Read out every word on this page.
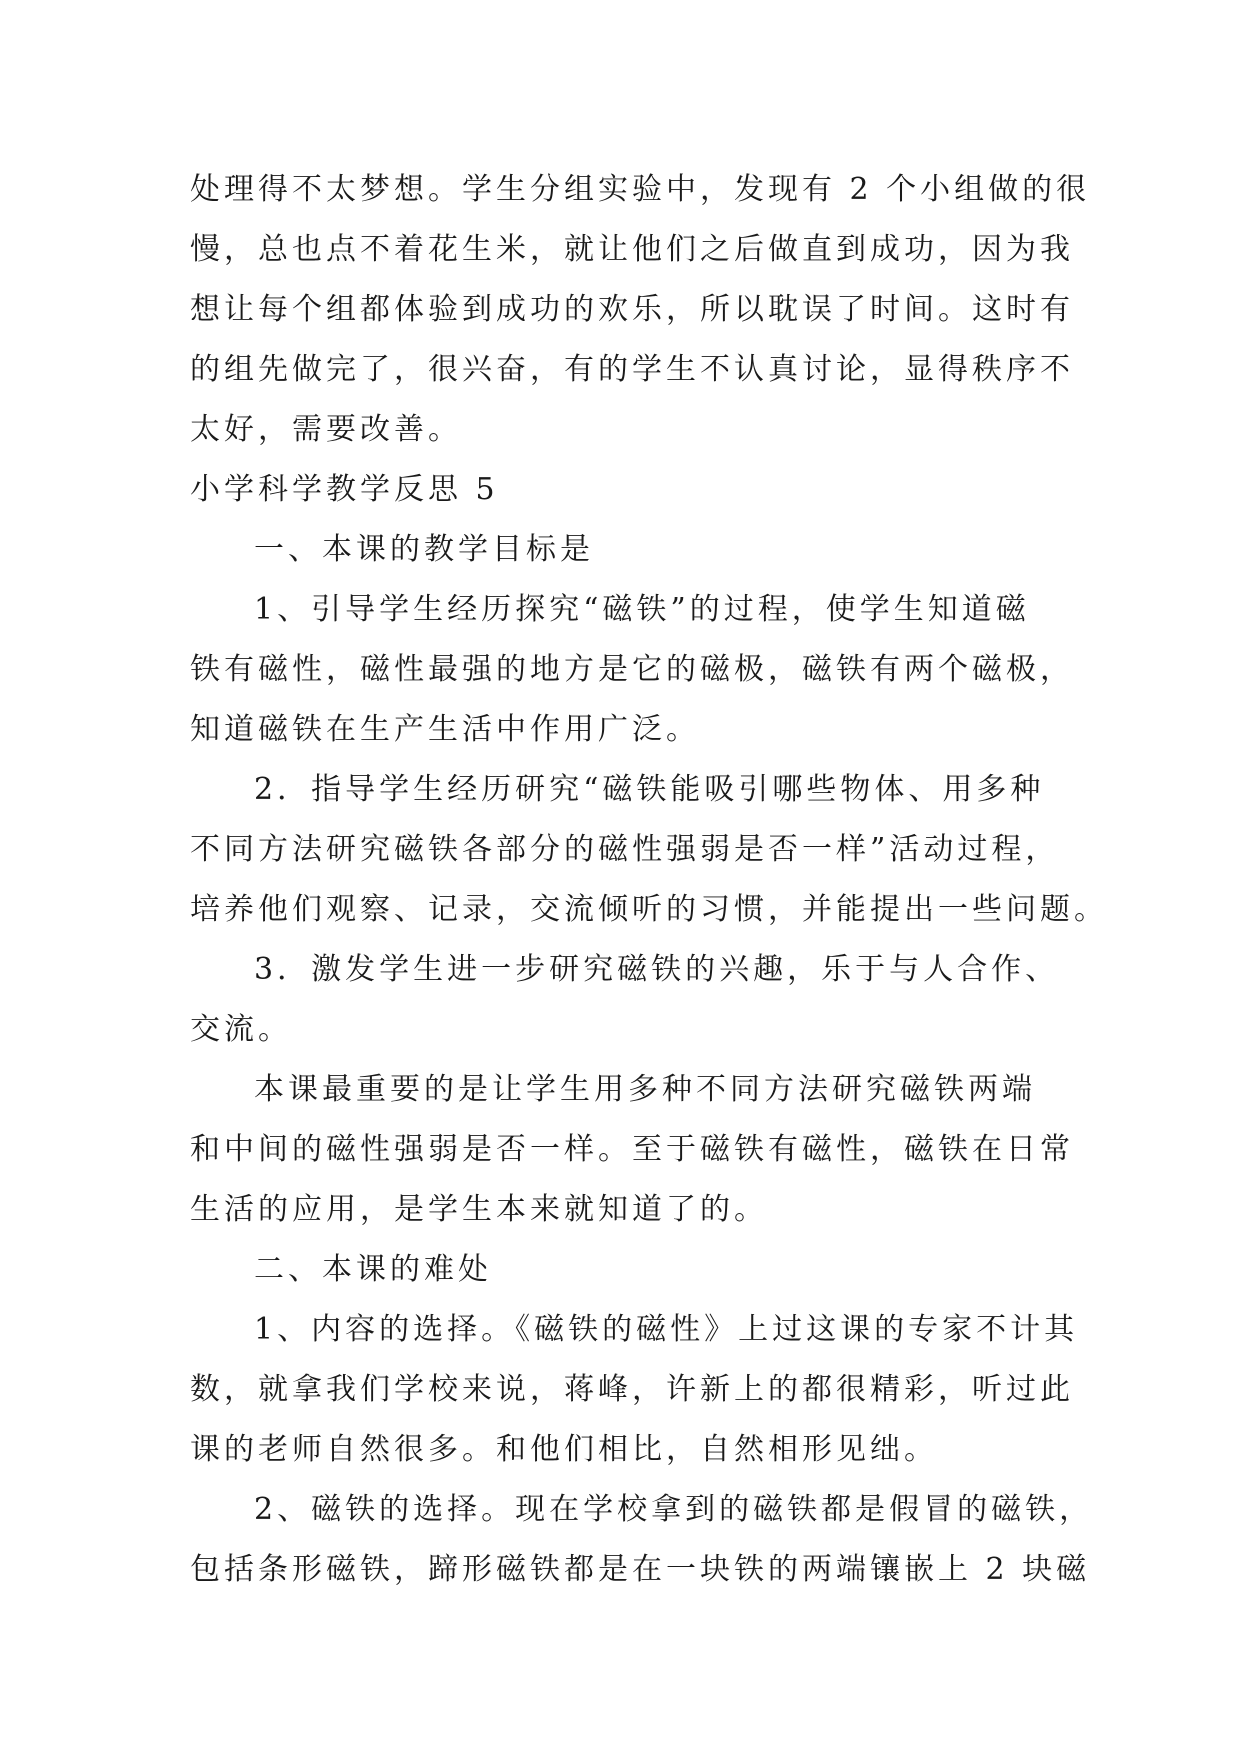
处理得不太梦想。学生分组实验中，发现有 2 个小组做的很
慢，总也点不着花生米，就让他们之后做直到成功，因为我
想让每个组都体验到成功的欢乐，所以耽误了时间。这时有
的组先做完了，很兴奋，有的学生不认真讨论，显得秩序不
太好，需要改善。
小学科学教学反思 5
一、本课的教学目标是
1、引导学生经历探究“磁铁”的过程，使学生知道磁
铁有磁性，磁性最强的地方是它的磁极，磁铁有两个磁极，
知道磁铁在生产生活中作用广泛。
2．指导学生经历研究“磁铁能吸引哪些物体、用多种
不同方法研究磁铁各部分的磁性强弱是否一样”活动过程，
培养他们观察、记录，交流倾听的习惯，并能提出一些问题。
3．激发学生进一步研究磁铁的兴趣，乐于与人合作、
交流。
本课最重要的是让学生用多种不同方法研究磁铁两端
和中间的磁性强弱是否一样。至于磁铁有磁性，磁铁在日常
生活的应用，是学生本来就知道了的。
二、本课的难处
1、内容的选择。《磁铁的磁性》上过这课的专家不计其
数，就拿我们学校来说，蒋峰，许新上的都很精彩，听过此
课的老师自然很多。和他们相比，自然相形见绌。
2、磁铁的选择。现在学校拿到的磁铁都是假冒的磁铁，
包括条形磁铁，蹄形磁铁都是在一块铁的两端镶嵌上 2 块磁
